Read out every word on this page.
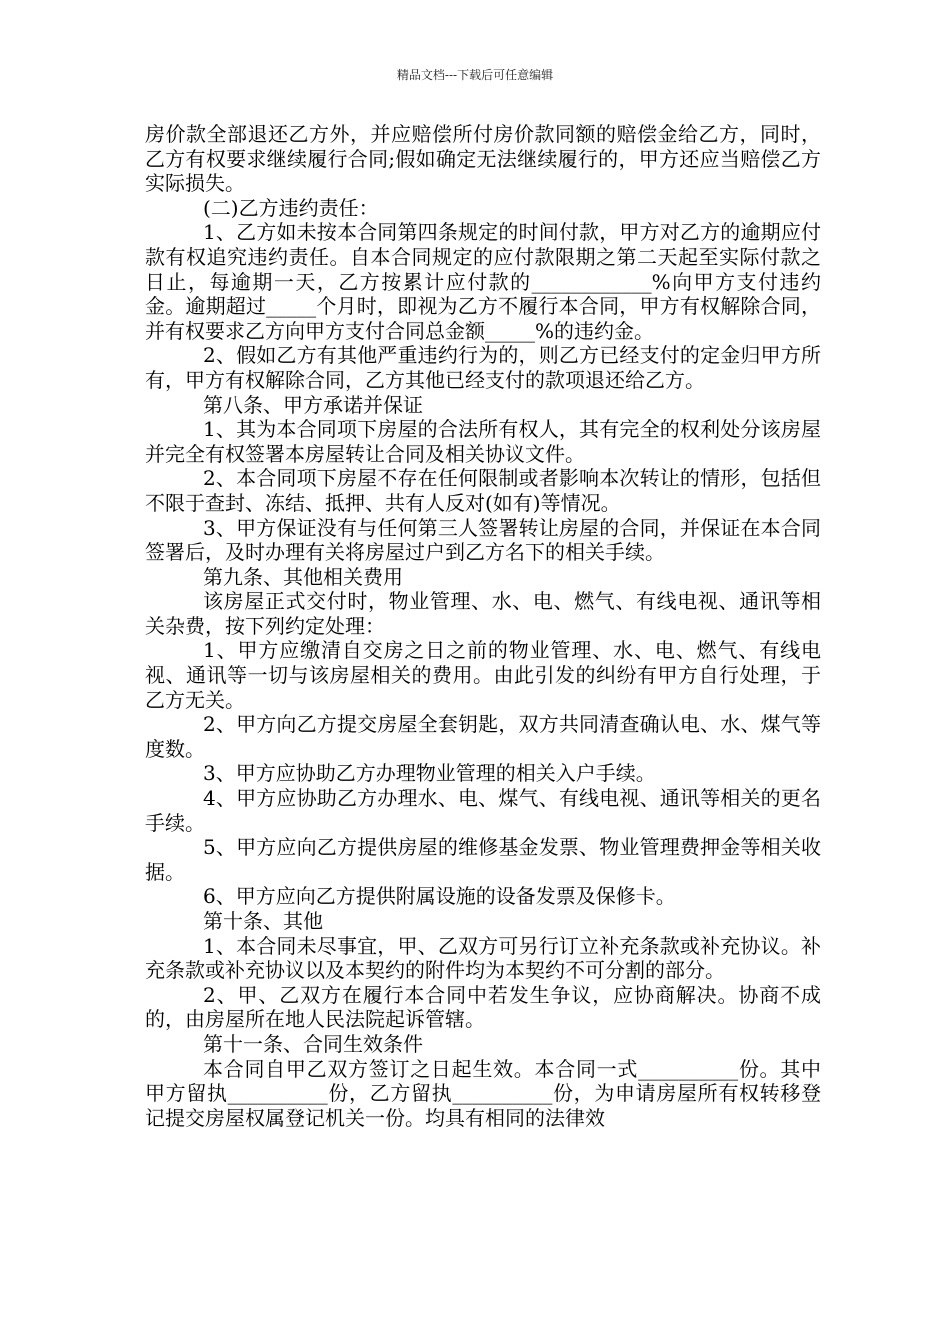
精品文档---下载后可任意编辑

房价款全部退还乙方外，并应赔偿所付房价款同额的赔偿金给乙方，同时，乙方有权要求继续履行合同;假如确定无法继续履行的，甲方还应当赔偿乙方实际损失。

(二)乙方违约责任：

1、乙方如未按本合同第四条规定的时间付款，甲方对乙方的逾期应付款有权追究违约责任。自本合同规定的应付款限期之第二天起至实际付款之日止，每逾期一天，乙方按累计应付款的____________%向甲方支付违约金。逾期超过_____个月时，即视为乙方不履行本合同，甲方有权解除合同，并有权要求乙方向甲方支付合同总金额_____%的违约金。

2、假如乙方有其他严重违约行为的，则乙方已经支付的定金归甲方所有，甲方有权解除合同，乙方其他已经支付的款项退还给乙方。

第八条、甲方承诺并保证

1、其为本合同项下房屋的合法所有权人，其有完全的权利处分该房屋并完全有权签署本房屋转让合同及相关协议文件。

2、本合同项下房屋不存在任何限制或者影响本次转让的情形，包括但不限于查封、冻结、抵押、共有人反对(如有)等情况。

3、甲方保证没有与任何第三人签署转让房屋的合同，并保证在本合同签署后，及时办理有关将房屋过户到乙方名下的相关手续。

第九条、其他相关费用

该房屋正式交付时，物业管理、水、电、燃气、有线电视、通讯等相关杂费，按下列约定处理：

1、甲方应缴清自交房之日之前的物业管理、水、电、燃气、有线电视、通讯等一切与该房屋相关的费用。由此引发的纠纷有甲方自行处理，于乙方无关。

2、甲方向乙方提交房屋全套钥匙，双方共同清查确认电、水、煤气等度数。

3、甲方应协助乙方办理物业管理的相关入户手续。

4、甲方应协助乙方办理水、电、煤气、有线电视、通讯等相关的更名手续。

5、甲方应向乙方提供房屋的维修基金发票、物业管理费押金等相关收据。

6、甲方应向乙方提供附属设施的设备发票及保修卡。

第十条、其他

1、本合同未尽事宜，甲、乙双方可另行订立补充条款或补充协议。补充条款或补充协议以及本契约的附件均为本契约不可分割的部分。

2、甲、乙双方在履行本合同中若发生争议，应协商解决。协商不成的，由房屋所在地人民法院起诉管辖。

第十一条、合同生效条件

本合同自甲乙双方签订之日起生效。本合同一式__________份。其中甲方留执__________份，乙方留执__________份，为申请房屋所有权转移登记提交房屋权属登记机关一份。均具有相同的法律效
